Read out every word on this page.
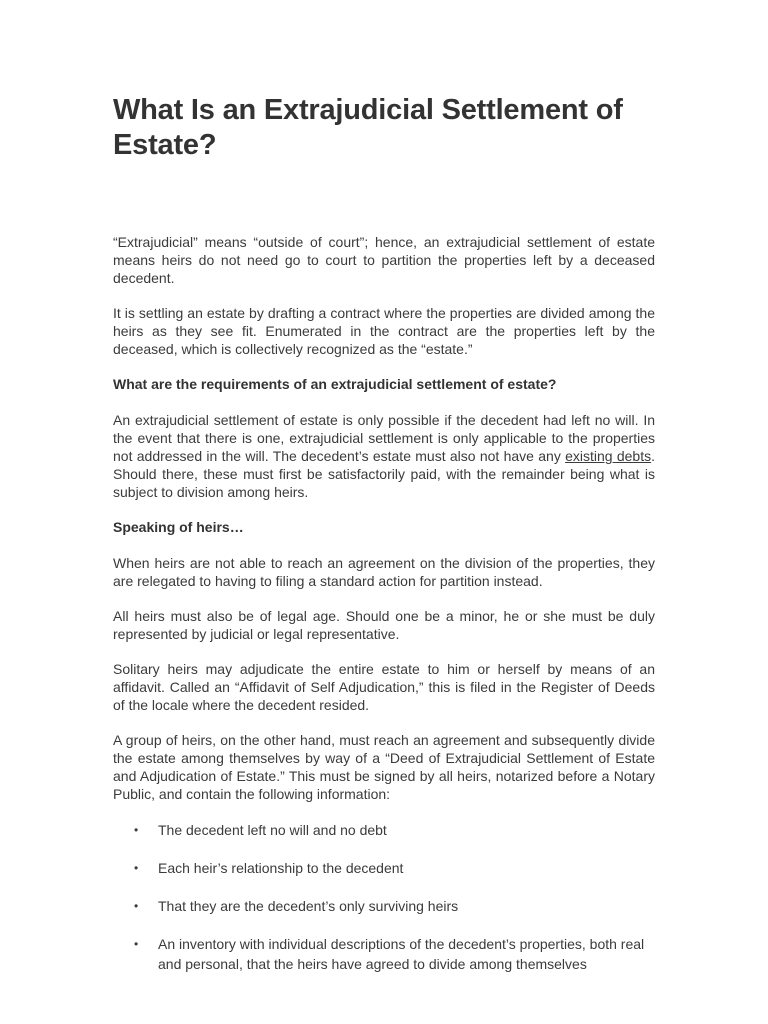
What Is an Extrajudicial Settlement of Estate?

“Extrajudicial” means “outside of court”; hence, an extrajudicial settlement of estate means heirs do not need go to court to partition the properties left by a deceased decedent.

It is settling an estate by drafting a contract where the properties are divided among the heirs as they see fit. Enumerated in the contract are the properties left by the deceased, which is collectively recognized as the “estate.”

What are the requirements of an extrajudicial settlement of estate?

An extrajudicial settlement of estate is only possible if the decedent had left no will. In the event that there is one, extrajudicial settlement is only applicable to the properties not addressed in the will. The decedent’s estate must also not have any existing debts. Should there, these must first be satisfactorily paid, with the remainder being what is subject to division among heirs.

Speaking of heirs…

When heirs are not able to reach an agreement on the division of the properties, they are relegated to having to filing a standard action for partition instead.

All heirs must also be of legal age. Should one be a minor, he or she must be duly represented by judicial or legal representative.

Solitary heirs may adjudicate the entire estate to him or herself by means of an affidavit. Called an “Affidavit of Self Adjudication,” this is filed in the Register of Deeds of the locale where the decedent resided.

A group of heirs, on the other hand, must reach an agreement and subsequently divide the estate among themselves by way of a “Deed of Extrajudicial Settlement of Estate and Adjudication of Estate.” This must be signed by all heirs, notarized before a Notary Public, and contain the following information:

• The decedent left no will and no debt
• Each heir’s relationship to the decedent
• That they are the decedent’s only surviving heirs
• An inventory with individual descriptions of the decedent’s properties, both real and personal, that the heirs have agreed to divide among themselves
